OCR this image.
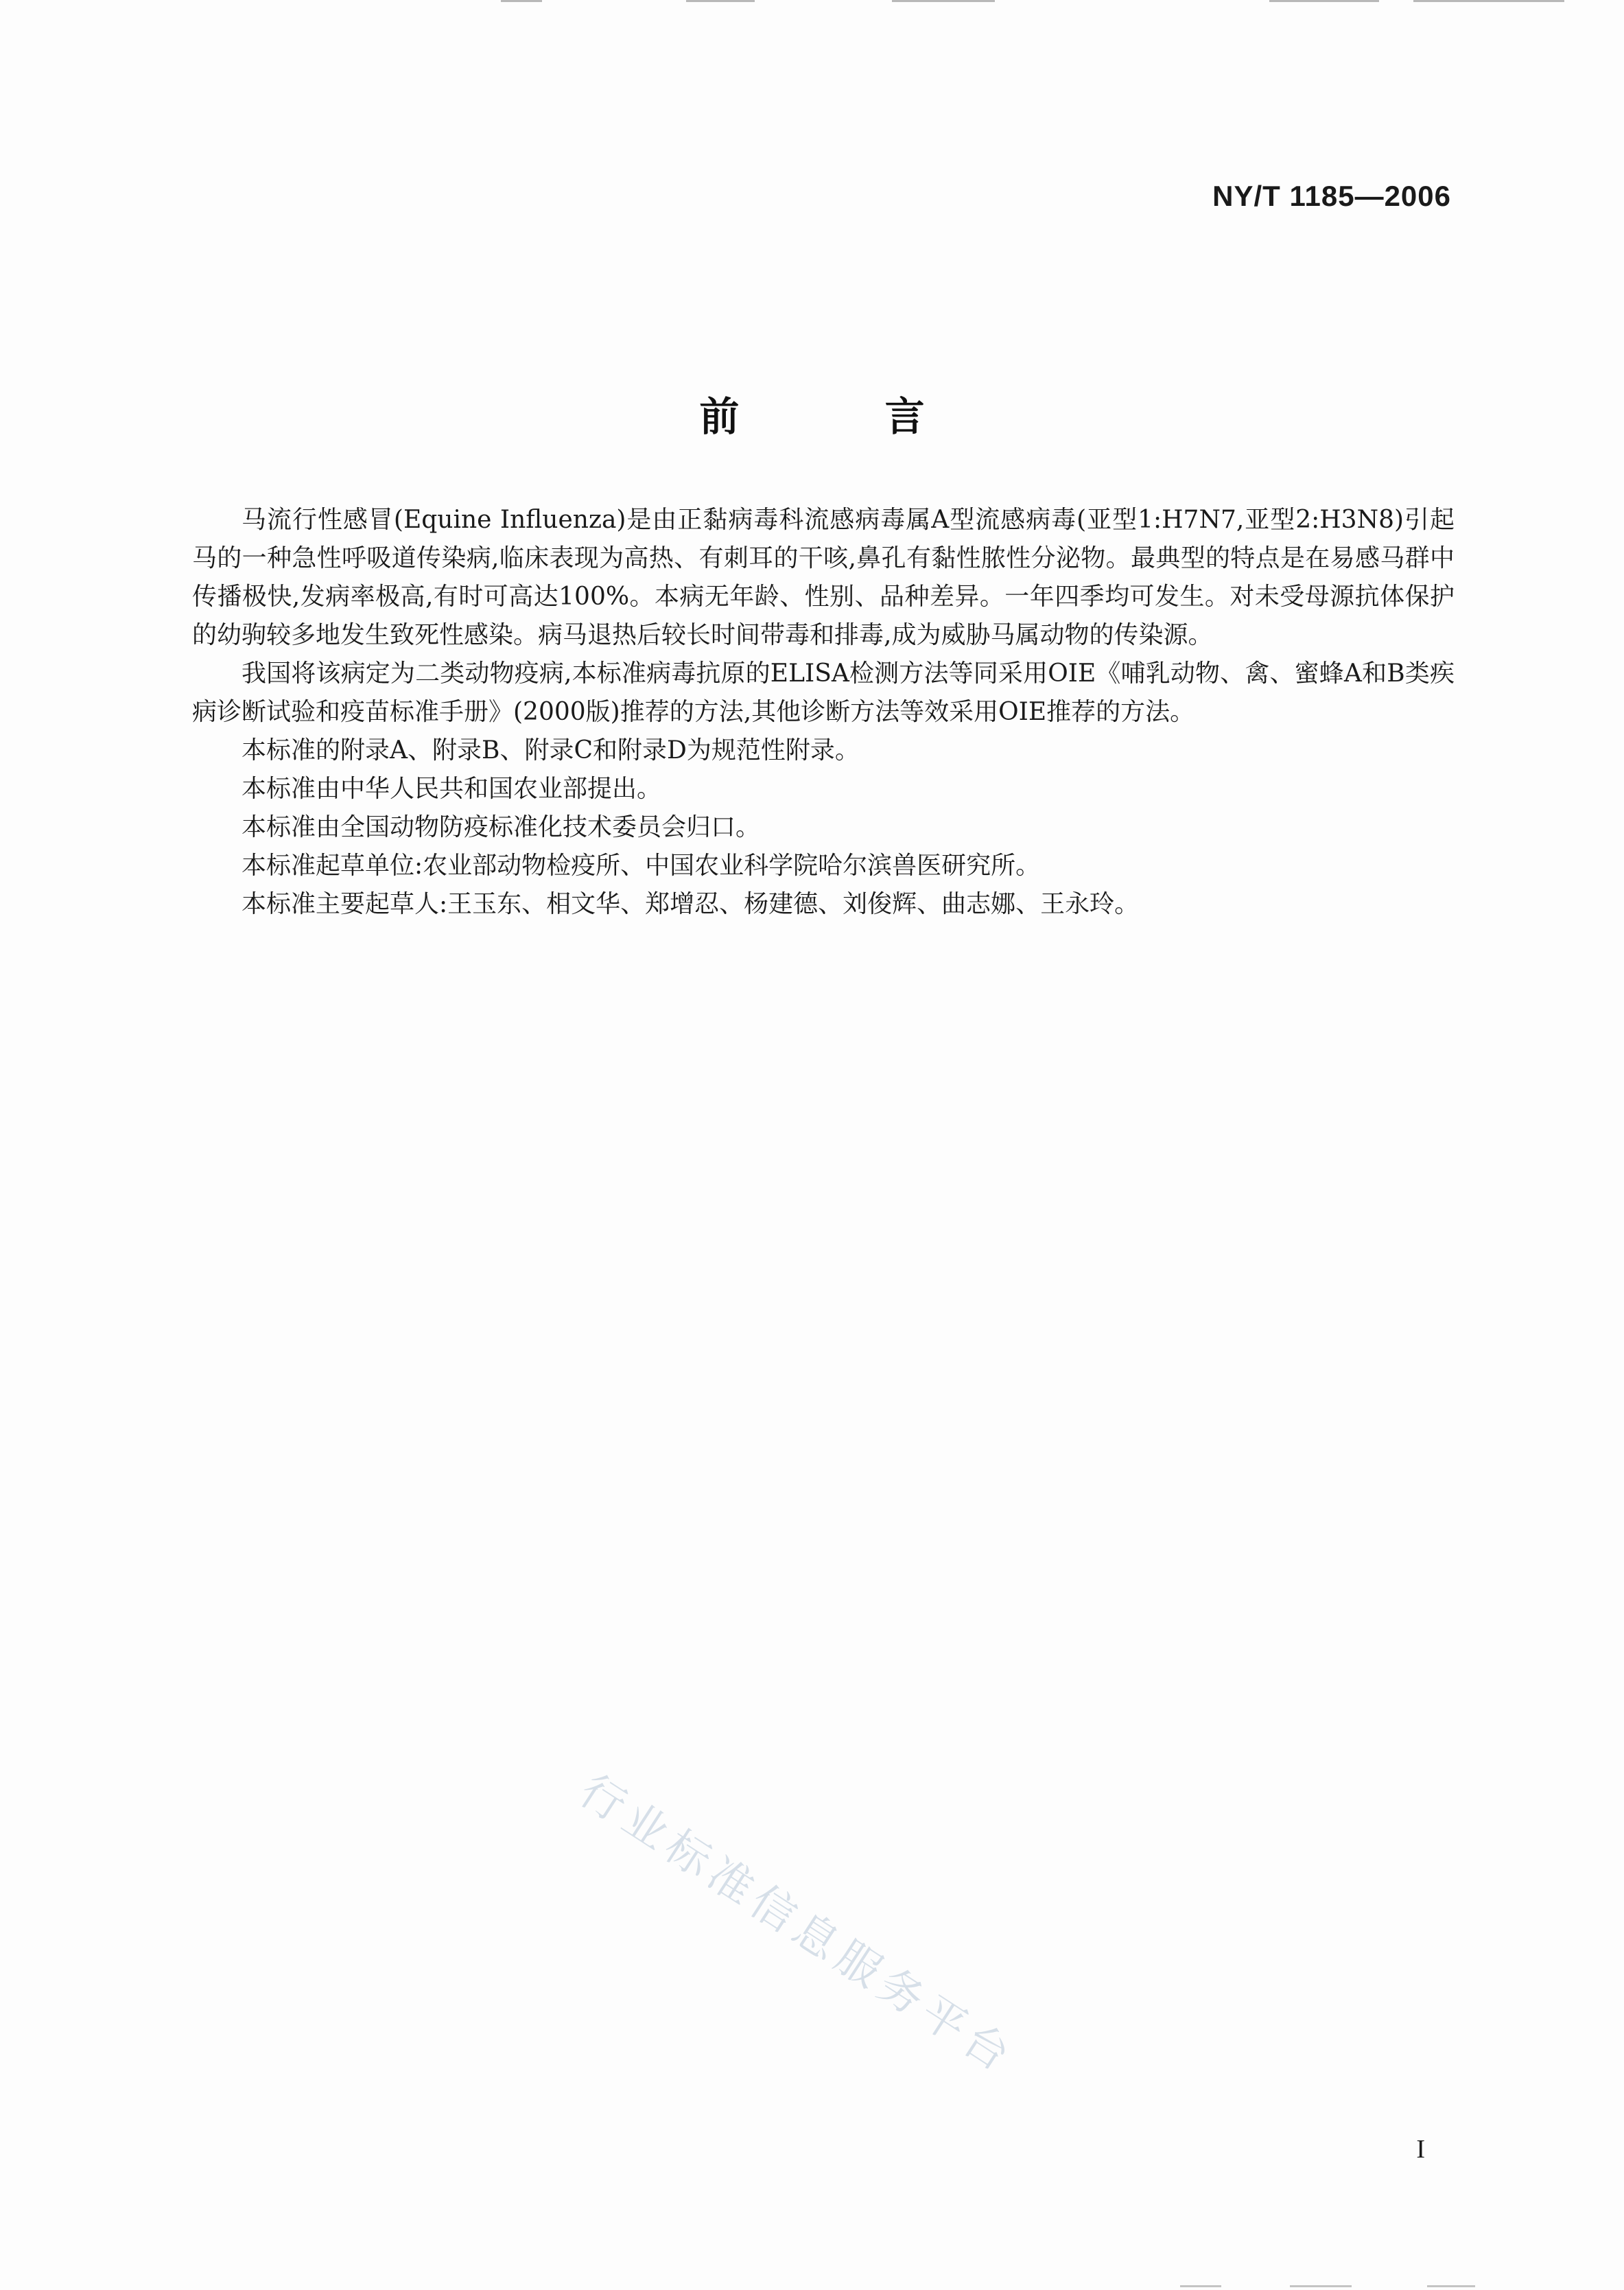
NY/T 1185—2006
前 言

马流行性感冒(Equine Influenza)是由正黏病毒科流感病毒属A型流感病毒(亚型1:H7N7,亚型2:H3N8)引起马的一种急性呼吸道传染病,临床表现为高热、有刺耳的干咳,鼻孔有黏性脓性分泌物。最典型的特点是在易感马群中传播极快,发病率极高,有时可高达100%。本病无年龄、性别、品种差异。一年四季均可发生。对未受母源抗体保护的幼驹较多地发生致死性感染。病马退热后较长时间带毒和排毒,成为威胁马属动物的传染源。

我国将该病定为二类动物疫病,本标准病毒抗原的ELISA检测方法等同采用OIE《哺乳动物、禽、蜜蜂A和B类疾病诊断试验和疫苗标准手册》(2000版)推荐的方法,其他诊断方法等效采用OIE推荐的方法。

本标准的附录A、附录B、附录C和附录D为规范性附录。

本标准由中华人民共和国农业部提出。

本标准由全国动物防疫标准化技术委员会归口。

本标准起草单位:农业部动物检疫所、中国农业科学院哈尔滨兽医研究所。

本标准主要起草人:王玉东、相文华、郑增忍、杨建德、刘俊辉、曲志娜、王永玲。

行业标准信息服务平台
I
